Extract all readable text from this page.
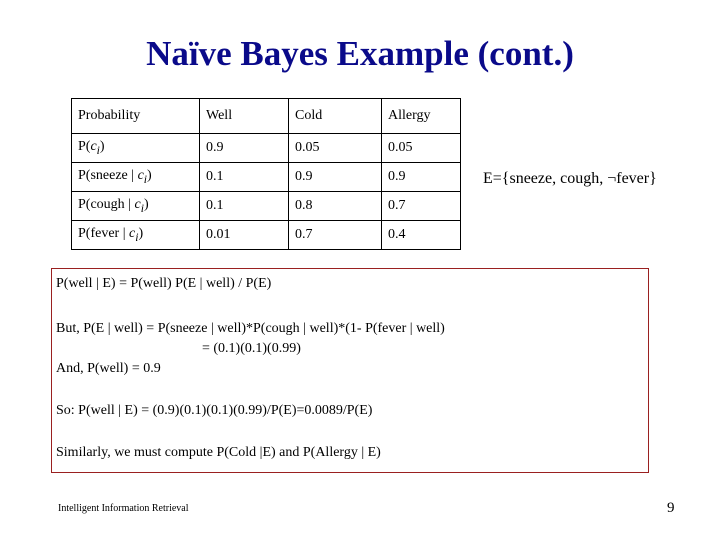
Naïve Bayes Example (cont.)
Probability	Well	Cold	Allergy
$P(c_i)$	0.9	0.05	0.05
P(sneeze | $c_i$)	0.1	0.9	0.9
P(cough | $c_i$)	0.1	0.8	0.7
P(fever | $c_i$)	0.01	0.7	0.4
E={sneeze, cough, ¬fever}
P(well | E) = P(well) P(E | well) / P(E)
But, P(E | well) = P(sneeze | well)*P(cough | well)*(1- P(fever | well)
= (0.1)(0.1)(0.99)
And, P(well) = 0.9
So: P(well | E) = (0.9)(0.1)(0.1)(0.99)/P(E)=0.0089/P(E)
Similarly, we must compute P(Cold |E) and P(Allergy | E)
Intelligent Information Retrieval	9
